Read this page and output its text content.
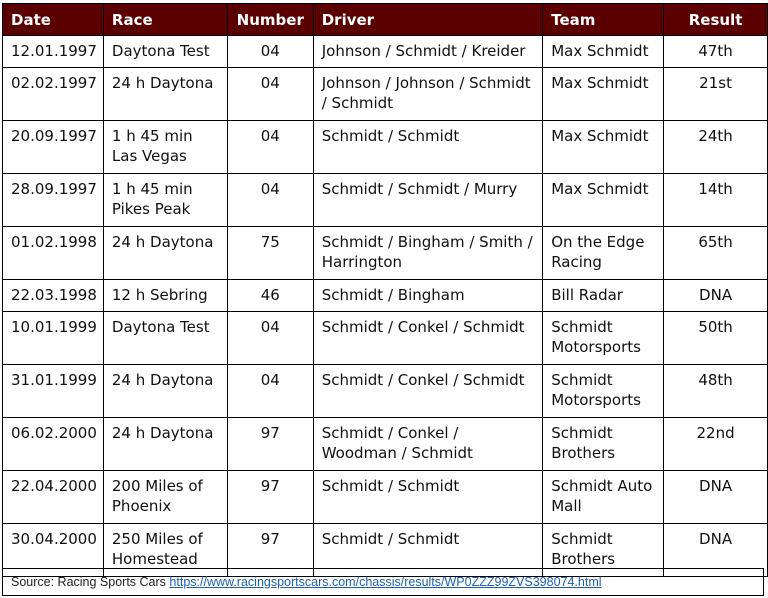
Date	Race	Number	Driver	Team	Result
12.01.1997	Daytona Test	04	Johnson / Schmidt / Kreider	Max Schmidt	47th
02.02.1997	24 h Daytona	04	Johnson / Johnson / Schmidt / Schmidt	Max Schmidt	21st
20.09.1997	1 h 45 min Las Vegas	04	Schmidt / Schmidt	Max Schmidt	24th
28.09.1997	1 h 45 min Pikes Peak	04	Schmidt / Schmidt / Murry	Max Schmidt	14th
01.02.1998	24 h Daytona	75	Schmidt / Bingham / Smith / Harrington	On the Edge Racing	65th
22.03.1998	12 h Sebring	46	Schmidt / Bingham	Bill Radar	DNA
10.01.1999	Daytona Test	04	Schmidt / Conkel / Schmidt	Schmidt Motorsports	50th
31.01.1999	24 h Daytona	04	Schmidt / Conkel / Schmidt	Schmidt Motorsports	48th
06.02.2000	24 h Daytona	97	Schmidt / Conkel / Woodman / Schmidt	Schmidt Brothers	22nd
22.04.2000	200 Miles of Phoenix	97	Schmidt / Schmidt	Schmidt Auto Mall	DNA
30.04.2000	250 Miles of Homestead	97	Schmidt / Schmidt	Schmidt Brothers	DNA
Source: Racing Sports Cars https://www.racingsportscars.com/chassis/results/WP0ZZZ99ZVS398074.html
